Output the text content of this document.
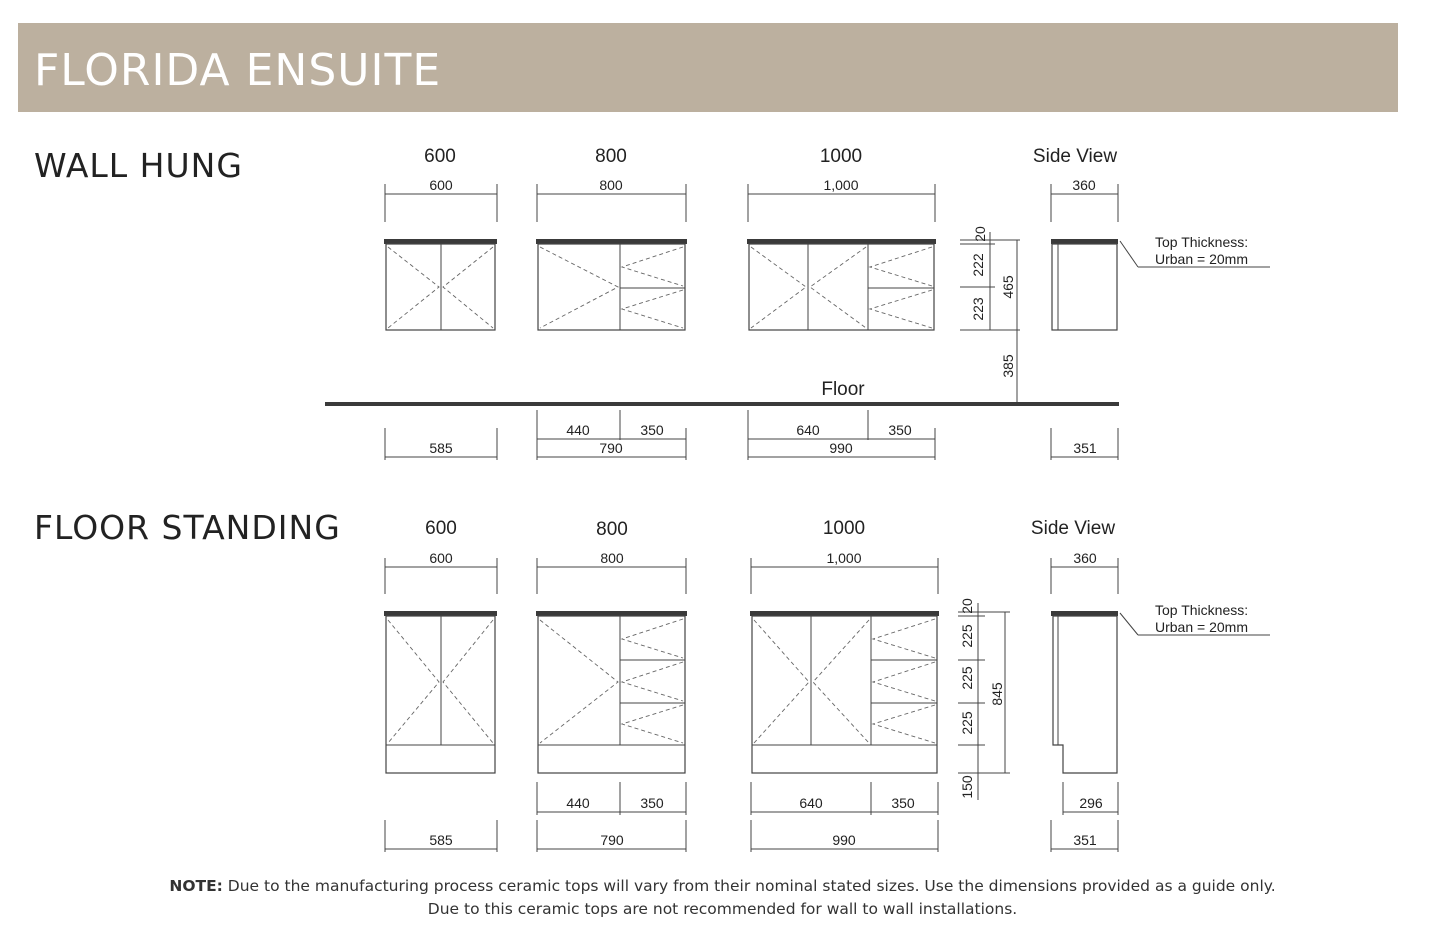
FLORIDA ENSUITE
WALL HUNG
FLOOR STANDING
600	800	1000	Side View
600	800	1,000	360
Top Thickness:
Urban = 20mm
20
222
223
465
385
Floor
585
440	350
790
640	350
990	351
600	800	1000	Side View
600	800	1,000	360
Top Thickness:
Urban = 20mm
20
225
225
225
150
845
585
440	350
790
640	350
990
296
351
NOTE: Due to the manufacturing process ceramic tops will vary from their nominal stated sizes. Use the dimensions provided as a guide only.
Due to this ceramic tops are not recommended for wall to wall installations.
